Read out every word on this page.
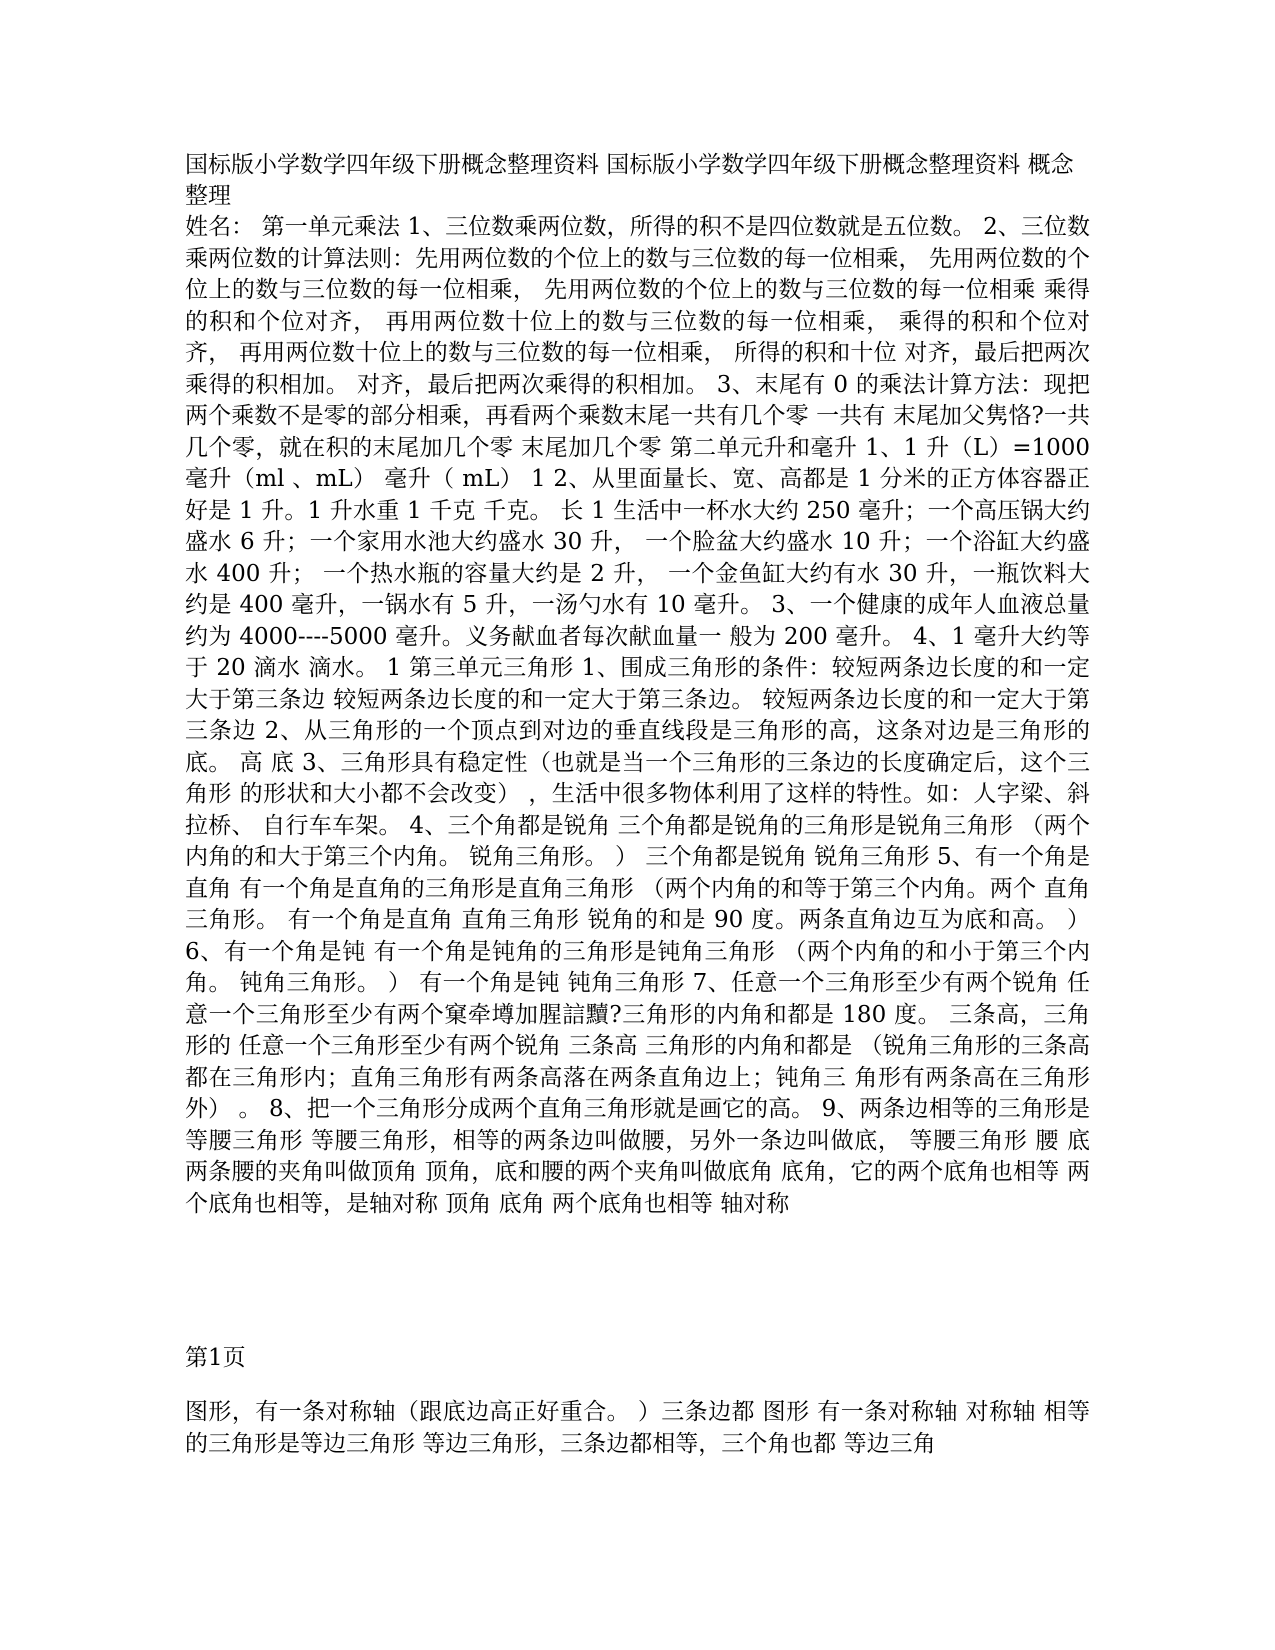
国标版小学数学四年级下册概念整理资料 国标版小学数学四年级下册概念整理资料 概念整理

姓名： 第一单元乘法 1、三位数乘两位数，所得的积不是四位数就是五位数。 2、三位数乘两位数的计算法则：先用两位数的个位上的数与三位数的每一位相乘， 先用两位数的个位上的数与三位数的每一位相乘， 先用两位数的个位上的数与三位数的每一位相乘 乘得的积和个位对齐， 再用两位数十位上的数与三位数的每一位相乘， 乘得的积和个位对齐， 再用两位数十位上的数与三位数的每一位相乘， 所得的积和十位 对齐，最后把两次乘得的积相加。 对齐，最后把两次乘得的积相加。 3、末尾有 0 的乘法计算方法：现把两个乘数不是零的部分相乘，再看两个乘数末尾一共有几个零 一共有 末尾加父隽恪?一共 几个零，就在积的末尾加几个零 末尾加几个零 第二单元升和毫升 1、1 升（L）=1000 毫升（ml 、mL） 毫升（ mL） 1 2、从里面量长、宽、高都是 1 分米的正方体容器正好是 1 升。1 升水重 1 千克 千克。 长 1 生活中一杯水大约 250 毫升；一个高压锅大约盛水 6 升；一个家用水池大约盛水 30 升， 一个脸盆大约盛水 10 升；一个浴缸大约盛水 400 升； 一个热水瓶的容量大约是 2 升， 一个金鱼缸大约有水 30 升，一瓶饮料大约是 400 毫升，一锅水有 5 升，一汤勺水有 10 毫升。 3、一个健康的成年人血液总量约为 4000----5000 毫升。义务献血者每次献血量一 般为 200 毫升。 4、1 毫升大约等于 20 滴水 滴水。 1 第三单元三角形 1、围成三角形的条件：较短两条边长度的和一定大于第三条边 较短两条边长度的和一定大于第三条边。 较短两条边长度的和一定大于第三条边 2、从三角形的一个顶点到对边的垂直线段是三角形的高，这条对边是三角形的底。 高 底 3、三角形具有稳定性（也就是当一个三角形的三条边的长度确定后，这个三角形 的形状和大小都不会改变） ，生活中很多物体利用了这样的特性。如：人字梁、斜拉桥、 自行车车架。 4、三个角都是锐角 三个角都是锐角的三角形是锐角三角形 （两个内角的和大于第三个内角。 锐角三角形。 ） 三个角都是锐角 锐角三角形 5、有一个角是直角 有一个角是直角的三角形是直角三角形 （两个内角的和等于第三个内角。两个 直角三角形。 有一个角是直角 直角三角形 锐角的和是 90 度。两条直角边互为底和高。 ） 6、有一个角是钝 有一个角是钝角的三角形是钝角三角形 （两个内角的和小于第三个内角。 钝角三角形。 ） 有一个角是钝 钝角三角形 7、任意一个三角形至少有两个锐角 任意一个三角形至少有两个窠牵壿加腥誩黷?三角形的内角和都是 180 度。 三条高，三角形的 任意一个三角形至少有两个锐角 三条高 三角形的内角和都是 （锐角三角形的三条高都在三角形内；直角三角形有两条高落在两条直角边上；钝角三 角形有两条高在三角形外） 。 8、把一个三角形分成两个直角三角形就是画它的高。 9、两条边相等的三角形是等腰三角形 等腰三角形，相等的两条边叫做腰，另外一条边叫做底， 等腰三角形 腰 底 两条腰的夹角叫做顶角 顶角，底和腰的两个夹角叫做底角 底角，它的两个底角也相等 两个底角也相等，是轴对称 顶角 底角 两个底角也相等 轴对称

第1页

图形，有一条对称轴（跟底边高正好重合。 ）三条边都 图形 有一条对称轴 对称轴 相等的三角形是等边三角形 等边三角形，三条边都相等，三个角也都 等边三角
